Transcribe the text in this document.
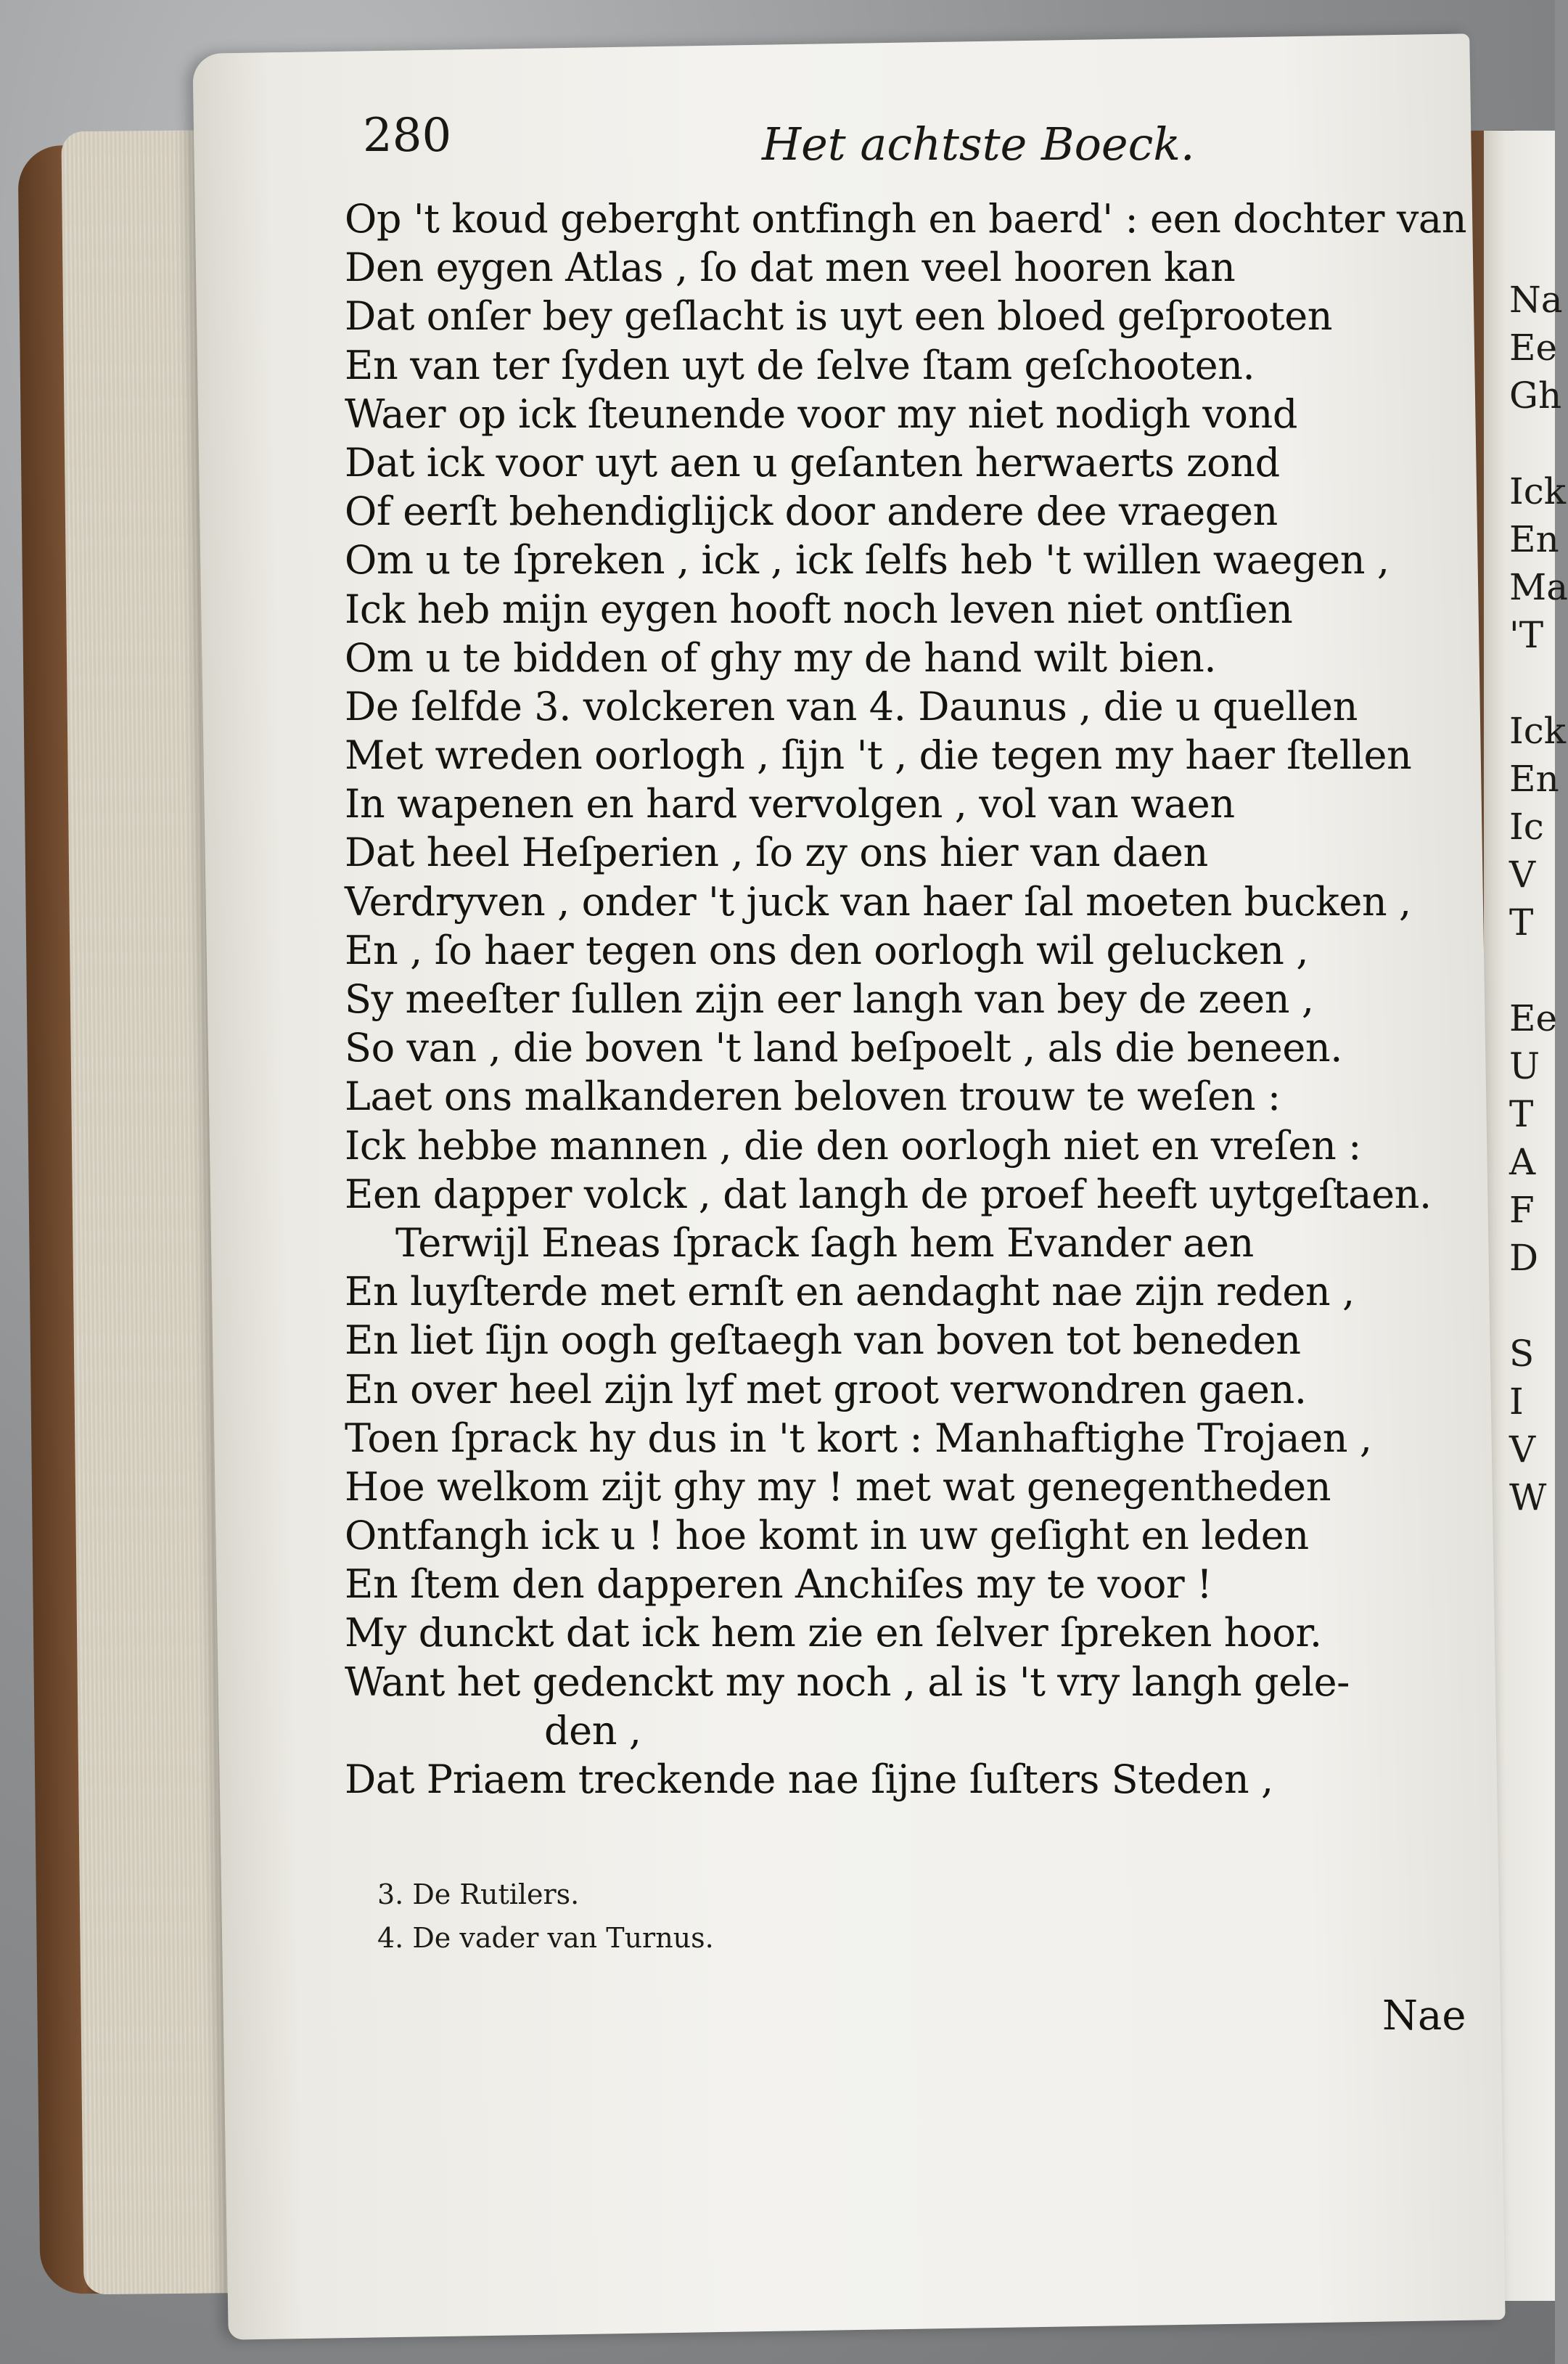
Na
Ee
Gh
Ick
En
Ma
'T
Ick
En
Ic
V
T
Ee
U
T
A
F
D
S
I
V
W
280	Het achtste Boeck.
Op 't koud geberght ontfingh en baerd' : een dochter van
Den eygen Atlas , ſo dat men veel hooren kan
Dat onſer bey geſlacht is uyt een bloed geſprooten
En van ter ſyden uyt de ſelve ſtam geſchooten.
Waer op ick ſteunende voor my niet nodigh vond
Dat ick voor uyt aen u geſanten herwaerts zond
Of eerſt behendiglijck door andere dee vraegen
Om u te ſpreken , ick , ick ſelfs heb 't willen waegen ,
Ick heb mijn eygen hooft noch leven niet ontſien
Om u te bidden of ghy my de hand wilt bien.
De ſelfde 3. volckeren van 4. Daunus , die u quellen
Met wreden oorlogh , ſijn 't , die tegen my haer ſtellen
In wapenen en hard vervolgen , vol van waen
Dat heel Heſperien , ſo zy ons hier van daen
Verdryven , onder 't juck van haer ſal moeten bucken ,
En , ſo haer tegen ons den oorlogh wil gelucken ,
Sy meeſter ſullen zijn eer langh van bey de zeen ,
So van , die boven 't land beſpoelt , als die beneen.
Laet ons malkanderen beloven trouw te weſen :
Ick hebbe mannen , die den oorlogh niet en vreſen :
Een dapper volck , dat langh de proef heeft uytgeſtaen.
Terwijl Eneas ſprack ſagh hem Evander aen
En luyſterde met ernſt en aendaght nae zijn reden ,
En liet ſijn oogh geſtaegh van boven tot beneden
En over heel zijn lyf met groot verwondren gaen.
Toen ſprack hy dus in 't kort : Manhaftighe Trojaen ,
Hoe welkom zijt ghy my ! met wat genegentheden
Ontfangh ick u ! hoe komt in uw geſight en leden
En ſtem den dapperen Anchiſes my te voor !
My dunckt dat ick hem zie en ſelver ſpreken hoor.
Want het gedenckt my noch , al is 't vry langh gele-
den ,
Dat Priaem treckende nae ſijne ſuſters Steden ,
3. De Rutilers.
4. De vader van Turnus.
Nae
